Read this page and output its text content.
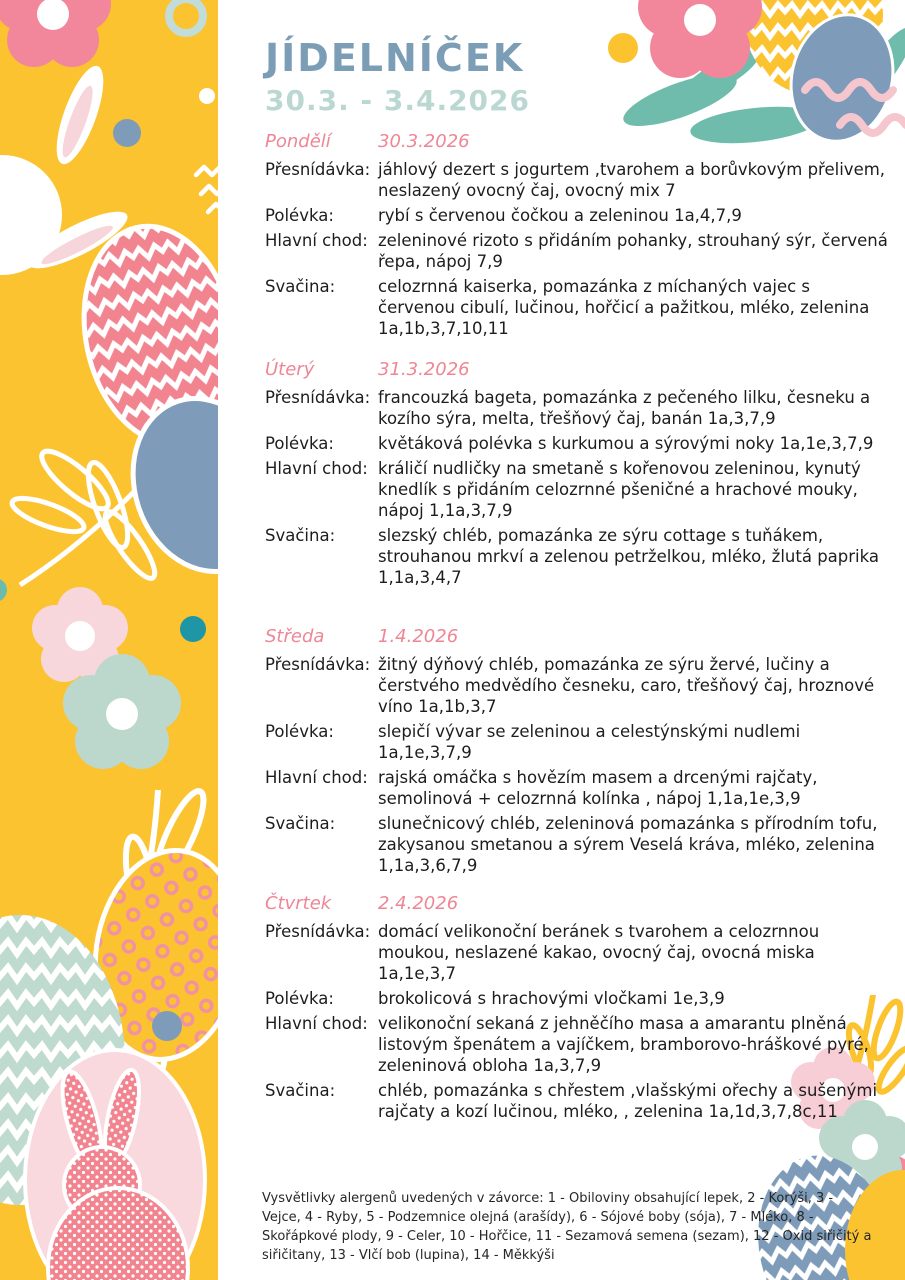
JÍDELNÍČEK
30.3. - 3.4.2026
Pondělí	30.3.2026
Přesnídávka: jáhlový dezert s jogurtem ,tvarohem a borůvkovým přelivem, neslazený ovocný čaj, ovocný mix 7
Polévka:	rybí s červenou čočkou a zeleninou 1a,4,7,9
Hlavní chod: zeleninové rizoto s přidáním pohanky, strouhaný sýr, červená řepa, nápoj 7,9
Svačina:	celozrnná kaiserka, pomazánka z míchaných vajec s červenou cibulí, lučinou, hořčicí a pažitkou, mléko, zelenina 1a,1b,3,7,10,11
Úterý	31.3.2026
Přesnídávka: francouzká bageta, pomazánka z pečeného lilku, česneku a kozího sýra, melta, třešňový čaj, banán 1a,3,7,9
Polévka:	květáková polévka s kurkumou a sýrovými noky 1a,1e,3,7,9
Hlavní chod: králičí nudličky na smetaně s kořenovou zeleninou, kynutý knedlík s přidáním celozrnné pšeničné a hrachové mouky, nápoj 1,1a,3,7,9
Svačina:	slezský chléb, pomazánka ze sýru cottage s tuňákem, strouhanou mrkví a zelenou petrželkou, mléko, žlutá paprika 1,1a,3,4,7
Středa	1.4.2026
Přesnídávka: žitný dýňový chléb, pomazánka ze sýru žervé, lučiny a čerstvého medvědího česneku, caro, třešňový čaj, hroznové víno 1a,1b,3,7
Polévka:	slepičí vývar se zeleninou a celestýnskými nudlemi 1a,1e,3,7,9
Hlavní chod: rajská omáčka s hovězím masem a drcenými rajčaty, semolinová + celozrnná kolínka , nápoj 1,1a,1e,3,9
Svačina:	slunečnicový chléb, zeleninová pomazánka s přírodním tofu, zakysanou smetanou a sýrem Veselá kráva, mléko, zelenina 1,1a,3,6,7,9
Čtvrtek	2.4.2026
Přesnídávka: domácí velikonoční beránek s tvarohem a celozrnnou moukou, neslazené kakao, ovocný čaj, ovocná miska 1a,1e,3,7
Polévka:	brokolicová s hrachovými vločkami 1e,3,9
Hlavní chod: velikonoční sekaná z jehněčího masa a amarantu plněná listovým špenátem a vajíčkem, bramborovo-hráškové pyré, zeleninová obloha 1a,3,7,9
Svačina:	chléb, pomazánka s chřestem ,vlašskými ořechy a sušenými rajčaty a kozí lučinou, mléko, , zelenina 1a,1d,3,7,8c,11
Vysvětlivky alergenů uvedených v závorce: 1 - Obiloviny obsahující lepek, 2 - Korýši, 3 - Vejce, 4 - Ryby, 5 - Podzemnice olejná (arašídy), 6 - Sójové boby (sója), 7 - Mléko, 8 - Skořápkové plody, 9 - Celer, 10 - Hořčice, 11 - Sezamová semena (sezam), 12 - Oxid siřičitý a siřičitany, 13 - Vlčí bob (lupina), 14 - Měkkýši
